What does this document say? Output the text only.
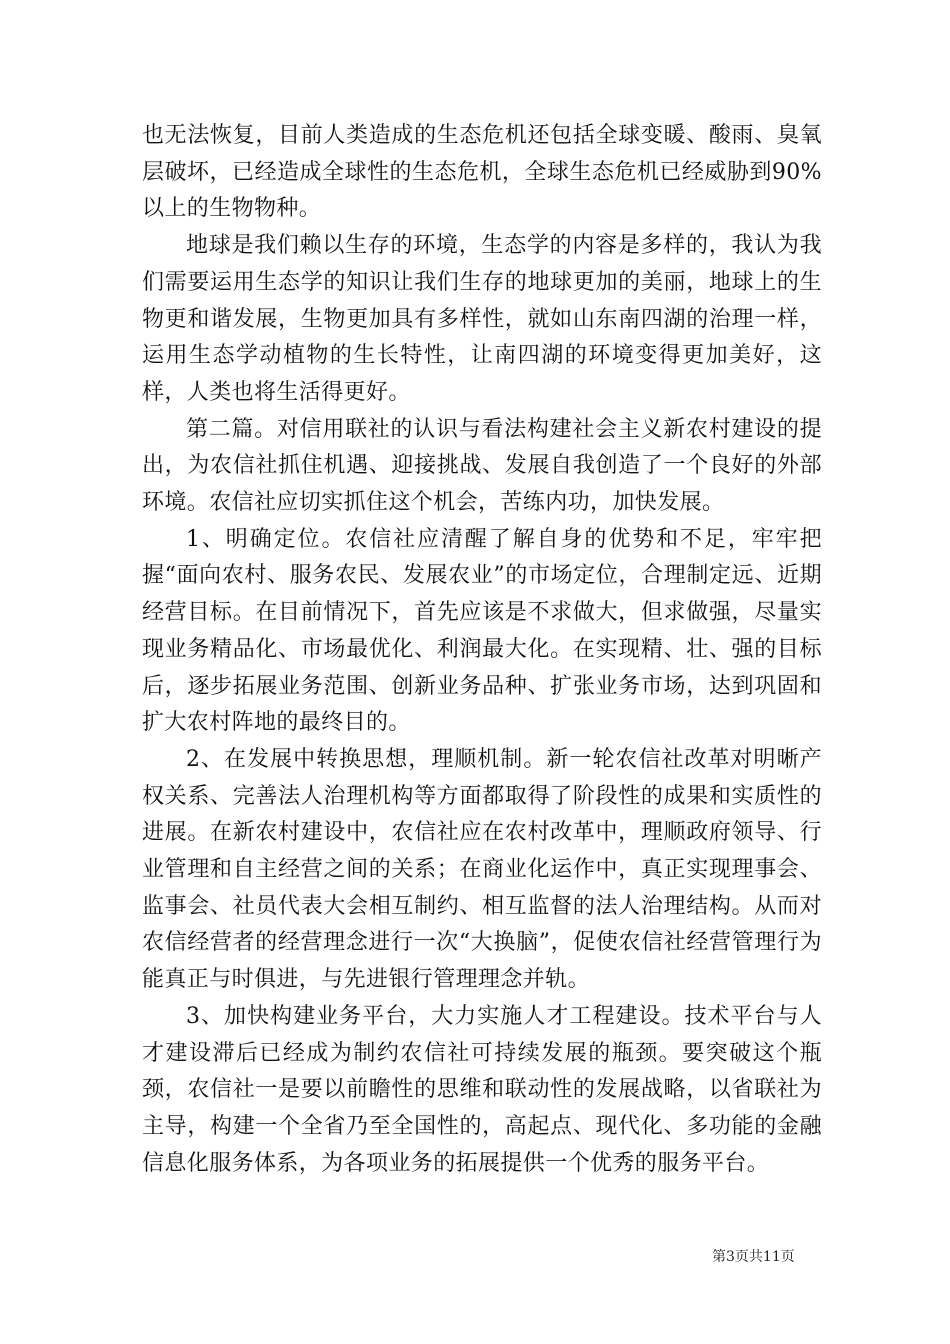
也无法恢复，目前人类造成的生态危机还包括全球变暖、酸雨、臭氧层破坏，已经造成全球性的生态危机，全球生态危机已经威胁到90%以上的生物物种。

地球是我们赖以生存的环境，生态学的内容是多样的，我认为我们需要运用生态学的知识让我们生存的地球更加的美丽，地球上的生物更和谐发展，生物更加具有多样性，就如山东南四湖的治理一样，运用生态学动植物的生长特性，让南四湖的环境变得更加美好，这样，人类也将生活得更好。

第二篇。对信用联社的认识与看法构建社会主义新农村建设的提出，为农信社抓住机遇、迎接挑战、发展自我创造了一个良好的外部环境。农信社应切实抓住这个机会，苦练内功，加快发展。

1、明确定位。农信社应清醒了解自身的优势和不足，牢牢把握“面向农村、服务农民、发展农业”的市场定位，合理制定远、近期经营目标。在目前情况下，首先应该是不求做大，但求做强，尽量实现业务精品化、市场最优化、利润最大化。在实现精、壮、强的目标后，逐步拓展业务范围、创新业务品种、扩张业务市场，达到巩固和扩大农村阵地的最终目的。

2、在发展中转换思想，理顺机制。新一轮农信社改革对明晰产权关系、完善法人治理机构等方面都取得了阶段性的成果和实质性的进展。在新农村建设中，农信社应在农村改革中，理顺政府领导、行业管理和自主经营之间的关系；在商业化运作中，真正实现理事会、监事会、社员代表大会相互制约、相互监督的法人治理结构。从而对农信经营者的经营理念进行一次“大换脑”，促使农信社经营管理行为能真正与时俱进，与先进银行管理理念并轨。

3、加快构建业务平台，大力实施人才工程建设。技术平台与人才建设滞后已经成为制约农信社可持续发展的瓶颈。要突破这个瓶颈，农信社一是要以前瞻性的思维和联动性的发展战略，以省联社为主导，构建一个全省乃至全国性的，高起点、现代化、多功能的金融信息化服务体系，为各项业务的拓展提供一个优秀的服务平台。

第3页共11页
